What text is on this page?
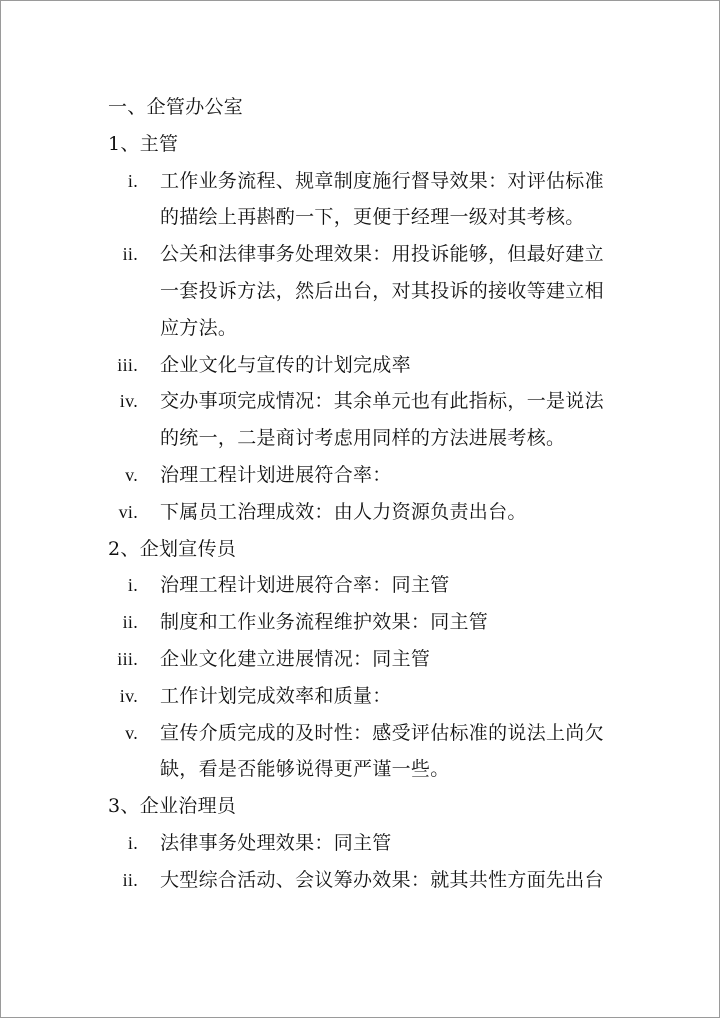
一、企管办公室
1、主管
i. 工作业务流程、规章制度施行督导效果：对评估标准
的描绘上再斟酌一下，更便于经理一级对其考核。
ii. 公关和法律事务处理效果：用投诉能够，但最好建立
一套投诉方法，然后出台，对其投诉的接收等建立相
应方法。
iii. 企业文化与宣传的计划完成率
iv. 交办事项完成情况：其余单元也有此指标，一是说法
的统一，二是商讨考虑用同样的方法进展考核。
v. 治理工程计划进展符合率：
vi. 下属员工治理成效：由人力资源负责出台。
2、企划宣传员
i. 治理工程计划进展符合率：同主管
ii. 制度和工作业务流程维护效果：同主管
iii. 企业文化建立进展情况：同主管
iv. 工作计划完成效率和质量：
v. 宣传介质完成的及时性：感受评估标准的说法上尚欠
缺，看是否能够说得更严谨一些。
3、企业治理员
i. 法律事务处理效果：同主管
ii. 大型综合活动、会议筹办效果：就其共性方面先出台
